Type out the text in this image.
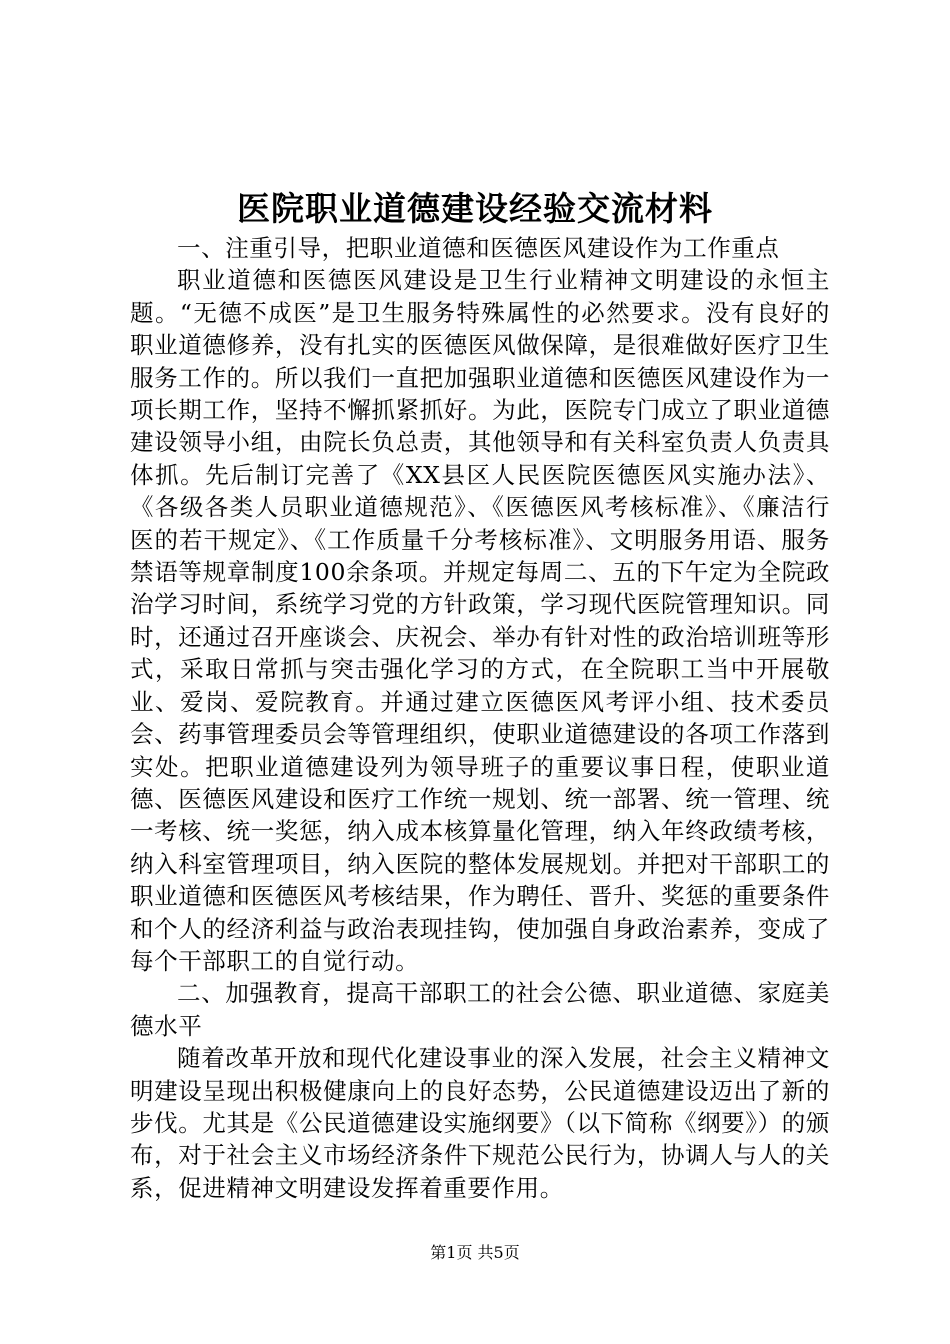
医院职业道德建设经验交流材料

一、注重引导，把职业道德和医德医风建设作为工作重点

职业道德和医德医风建设是卫生行业精神文明建设的永恒主题。“无德不成医”是卫生服务特殊属性的必然要求。没有良好的职业道德修养，没有扎实的医德医风做保障，是很难做好医疗卫生服务工作的。所以我们一直把加强职业道德和医德医风建设作为一项长期工作，坚持不懈抓紧抓好。为此，医院专门成立了职业道德建设领导小组，由院长负总责，其他领导和有关科室负责人负责具体抓。先后制订完善了《XX县区人民医院医德医风实施办法》、《各级各类人员职业道德规范》、《医德医风考核标准》、《廉洁行医的若干规定》、《工作质量千分考核标准》、文明服务用语、服务禁语等规章制度100余条项。并规定每周二、五的下午定为全院政治学习时间，系统学习党的方针政策，学习现代医院管理知识。同时，还通过召开座谈会、庆祝会、举办有针对性的政治培训班等形式，采取日常抓与突击强化学习的方式，在全院职工当中开展敬业、爱岗、爱院教育。并通过建立医德医风考评小组、技术委员会、药事管理委员会等管理组织，使职业道德建设的各项工作落到实处。把职业道德建设列为领导班子的重要议事日程，使职业道德、医德医风建设和医疗工作统一规划、统一部署、统一管理、统一考核、统一奖惩，纳入成本核算量化管理，纳入年终政绩考核，纳入科室管理项目，纳入医院的整体发展规划。并把对干部职工的职业道德和医德医风考核结果，作为聘任、晋升、奖惩的重要条件和个人的经济利益与政治表现挂钩，使加强自身政治素养，变成了每个干部职工的自觉行动。

二、加强教育，提高干部职工的社会公德、职业道德、家庭美德水平

随着改革开放和现代化建设事业的深入发展，社会主义精神文明建设呈现出积极健康向上的良好态势，公民道德建设迈出了新的步伐。尤其是《公民道德建设实施纲要》（以下简称《纲要》）的颁布，对于社会主义市场经济条件下规范公民行为，协调人与人的关系，促进精神文明建设发挥着重要作用。

第1页 共5页
